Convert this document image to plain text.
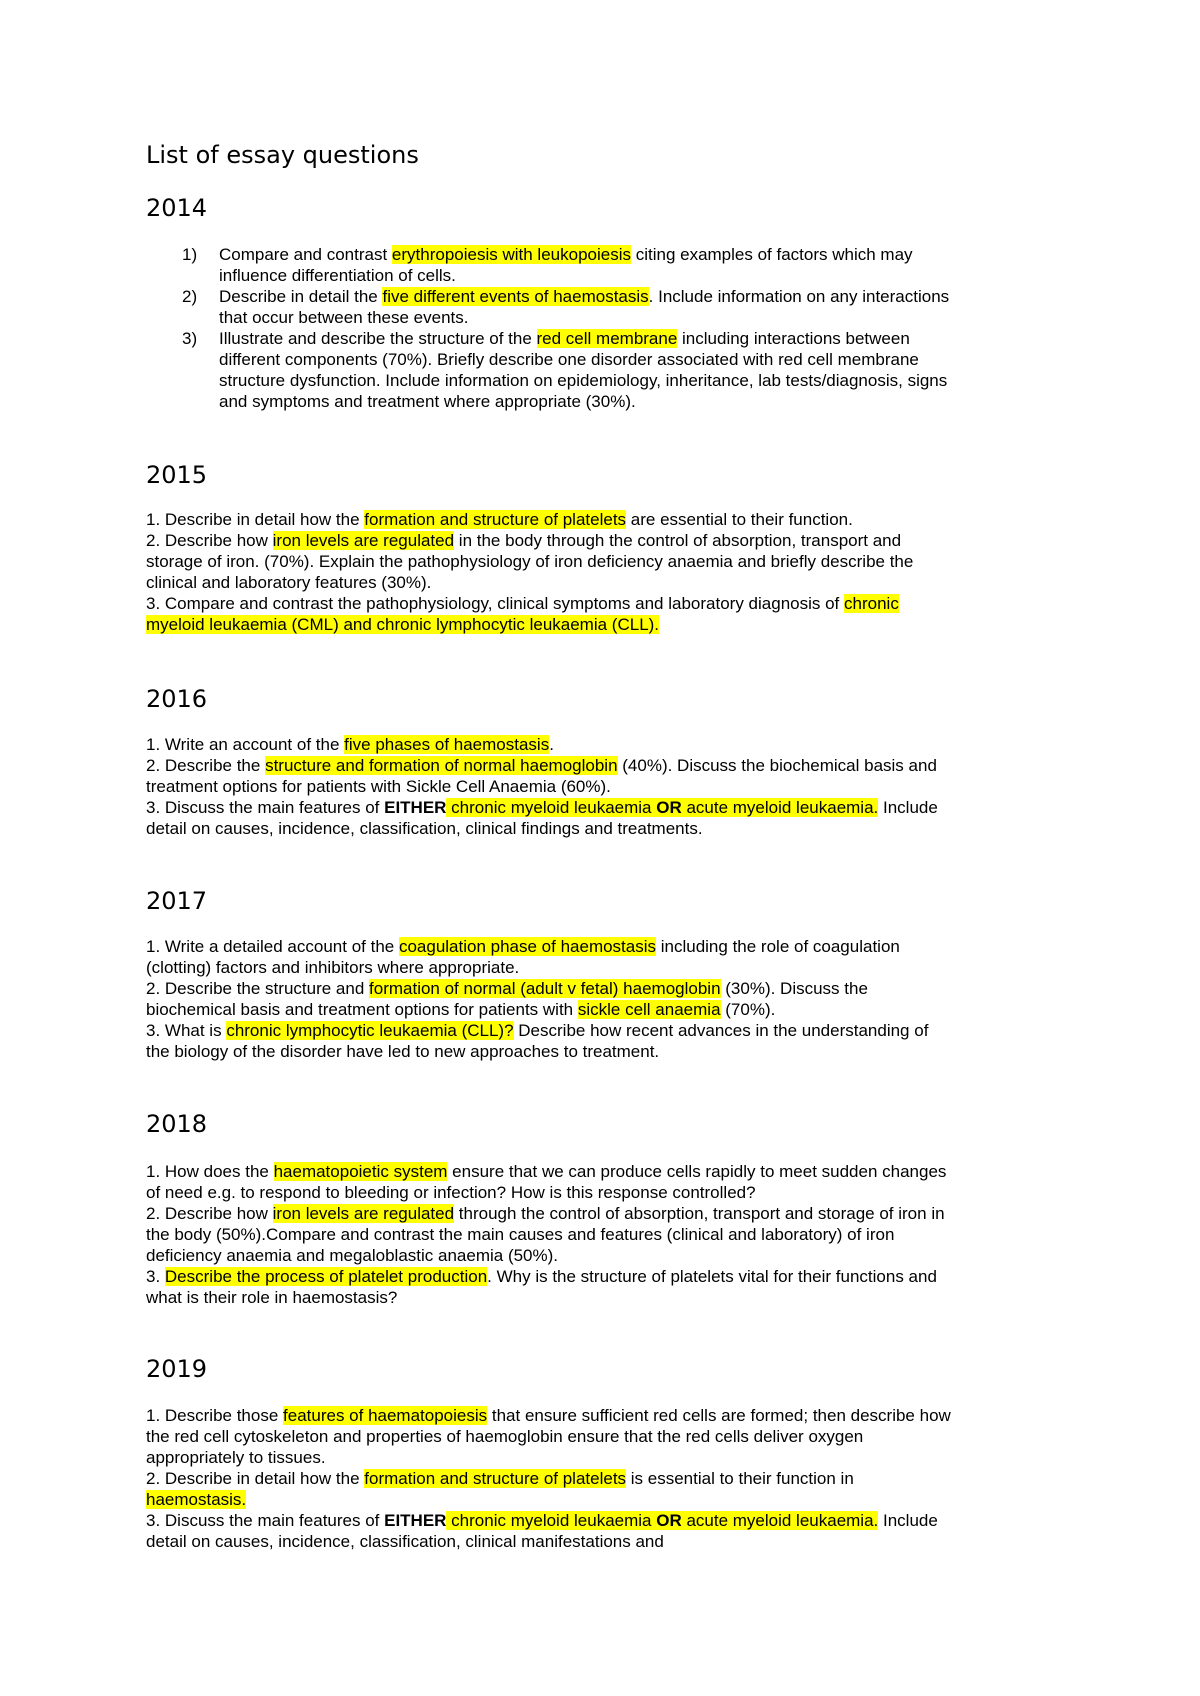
List of essay questions
2014
1) Compare and contrast erythropoiesis with leukopoiesis citing examples of factors which may influence differentiation of cells.
2) Describe in detail the five different events of haemostasis. Include information on any interactions that occur between these events.
3) Illustrate and describe the structure of the red cell membrane including interactions between different components (70%). Briefly describe one disorder associated with red cell membrane structure dysfunction. Include information on epidemiology, inheritance, lab tests/diagnosis, signs and symptoms and treatment where appropriate (30%).
2015

1. Describe in detail how the formation and structure of platelets are essential to their function.

2. Describe how iron levels are regulated in the body through the control of absorption, transport and storage of iron. (70%). Explain the pathophysiology of iron deficiency anaemia and briefly describe the clinical and laboratory features (30%).

3. Compare and contrast the pathophysiology, clinical symptoms and laboratory diagnosis of chronic myeloid leukaemia (CML) and chronic lymphocytic leukaemia (CLL).

2016

1. Write an account of the five phases of haemostasis.

2. Describe the structure and formation of normal haemoglobin (40%). Discuss the biochemical basis and treatment options for patients with Sickle Cell Anaemia (60%).

3. Discuss the main features of EITHER chronic myeloid leukaemia OR acute myeloid leukaemia. Include detail on causes, incidence, classification, clinical findings and treatments.

2017

1. Write a detailed account of the coagulation phase of haemostasis including the role of coagulation (clotting) factors and inhibitors where appropriate.

2. Describe the structure and formation of normal (adult v fetal) haemoglobin (30%). Discuss the biochemical basis and treatment options for patients with sickle cell anaemia (70%).

3. What is chronic lymphocytic leukaemia (CLL)? Describe how recent advances in the understanding of the biology of the disorder have led to new approaches to treatment.

2018

1. How does the haematopoietic system ensure that we can produce cells rapidly to meet sudden changes of need e.g. to respond to bleeding or infection? How is this response controlled?

2. Describe how iron levels are regulated through the control of absorption, transport and storage of iron in the body (50%).Compare and contrast the main causes and features (clinical and laboratory) of iron deficiency anaemia and megaloblastic anaemia (50%).

3. Describe the process of platelet production. Why is the structure of platelets vital for their functions and what is their role in haemostasis?

2019

1. Describe those features of haematopoiesis that ensure sufficient red cells are formed; then describe how the red cell cytoskeleton and properties of haemoglobin ensure that the red cells deliver oxygen appropriately to tissues.

2. Describe in detail how the formation and structure of platelets is essential to their function in haemostasis.

3. Discuss the main features of EITHER chronic myeloid leukaemia OR acute myeloid leukaemia. Include detail on causes, incidence, classification, clinical manifestations and
